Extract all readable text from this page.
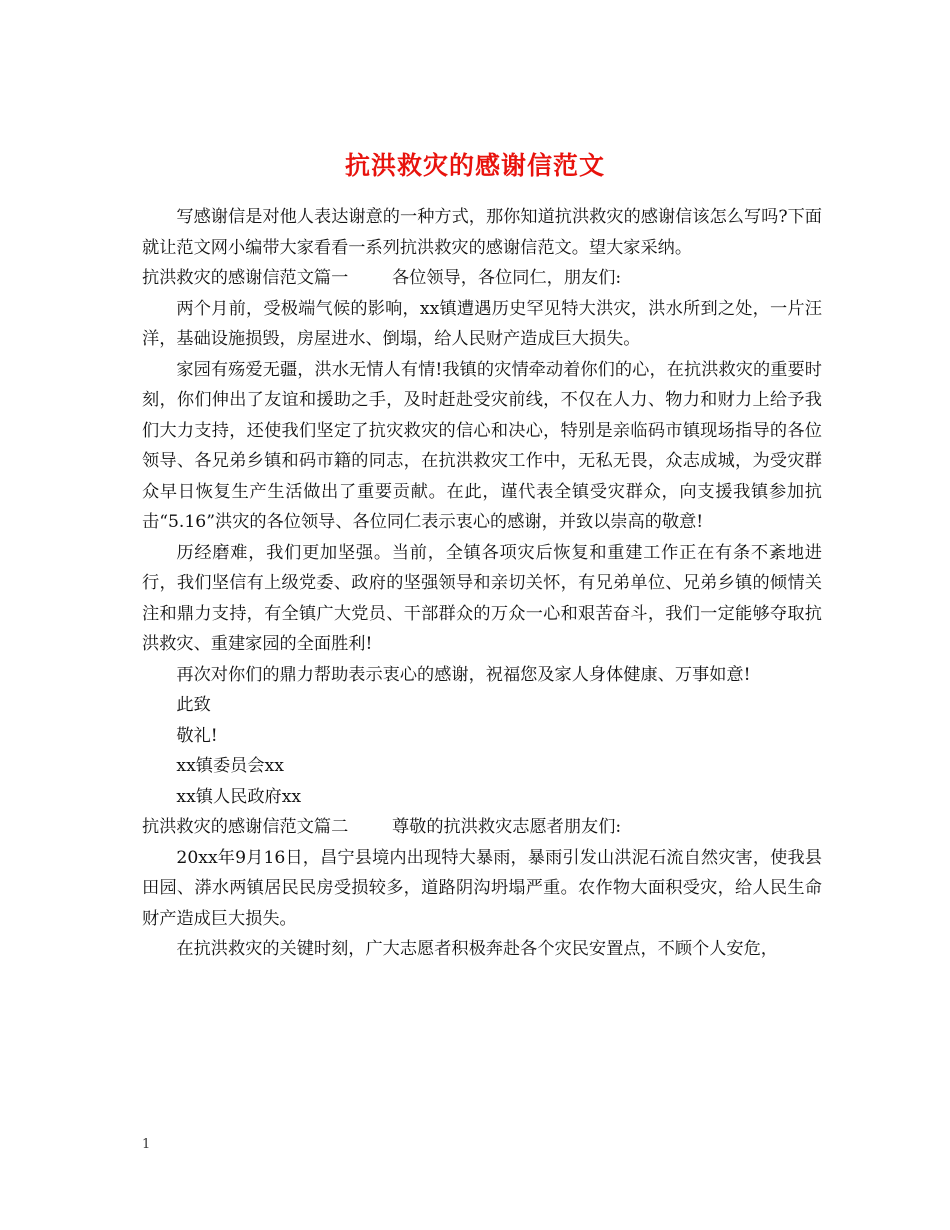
抗洪救灾的感谢信范文

写感谢信是对他人表达谢意的一种方式，那你知道抗洪救灾的感谢信该怎么写吗?下面就让范文网小编带大家看看一系列抗洪救灾的感谢信范文。望大家采纳。

抗洪救灾的感谢信范文篇一        各位领导，各位同仁，朋友们:

两个月前，受极端气候的影响，xx镇遭遇历史罕见特大洪灾，洪水所到之处，一片汪洋，基础设施损毁，房屋进水、倒塌，给人民财产造成巨大损失。

家园有殇爱无疆，洪水无情人有情!我镇的灾情牵动着你们的心，在抗洪救灾的重要时刻，你们伸出了友谊和援助之手，及时赶赴受灾前线，不仅在人力、物力和财力上给予我们大力支持，还使我们坚定了抗灾救灾的信心和决心，特别是亲临码市镇现场指导的各位领导、各兄弟乡镇和码市籍的同志，在抗洪救灾工作中，无私无畏，众志成城，为受灾群众早日恢复生产生活做出了重要贡献。在此，谨代表全镇受灾群众，向支援我镇参加抗击“5.16”洪灾的各位领导、各位同仁表示衷心的感谢，并致以崇高的敬意!

历经磨难，我们更加坚强。当前，全镇各项灾后恢复和重建工作正在有条不紊地进行，我们坚信有上级党委、政府的坚强领导和亲切关怀，有兄弟单位、兄弟乡镇的倾情关注和鼎力支持，有全镇广大党员、干部群众的万众一心和艰苦奋斗，我们一定能够夺取抗洪救灾、重建家园的全面胜利!

再次对你们的鼎力帮助表示衷心的感谢，祝福您及家人身体健康、万事如意!

此致

敬礼!

xx镇委员会xx

xx镇人民政府xx

抗洪救灾的感谢信范文篇二        尊敬的抗洪救灾志愿者朋友们:

20xx年9月16日，昌宁县境内出现特大暴雨，暴雨引发山洪泥石流自然灾害，使我县田园、漭水两镇居民民房受损较多，道路阴沟坍塌严重。农作物大面积受灾，给人民生命财产造成巨大损失。

在抗洪救灾的关键时刻，广大志愿者积极奔赴各个灾民安置点，不顾个人安危，

1
